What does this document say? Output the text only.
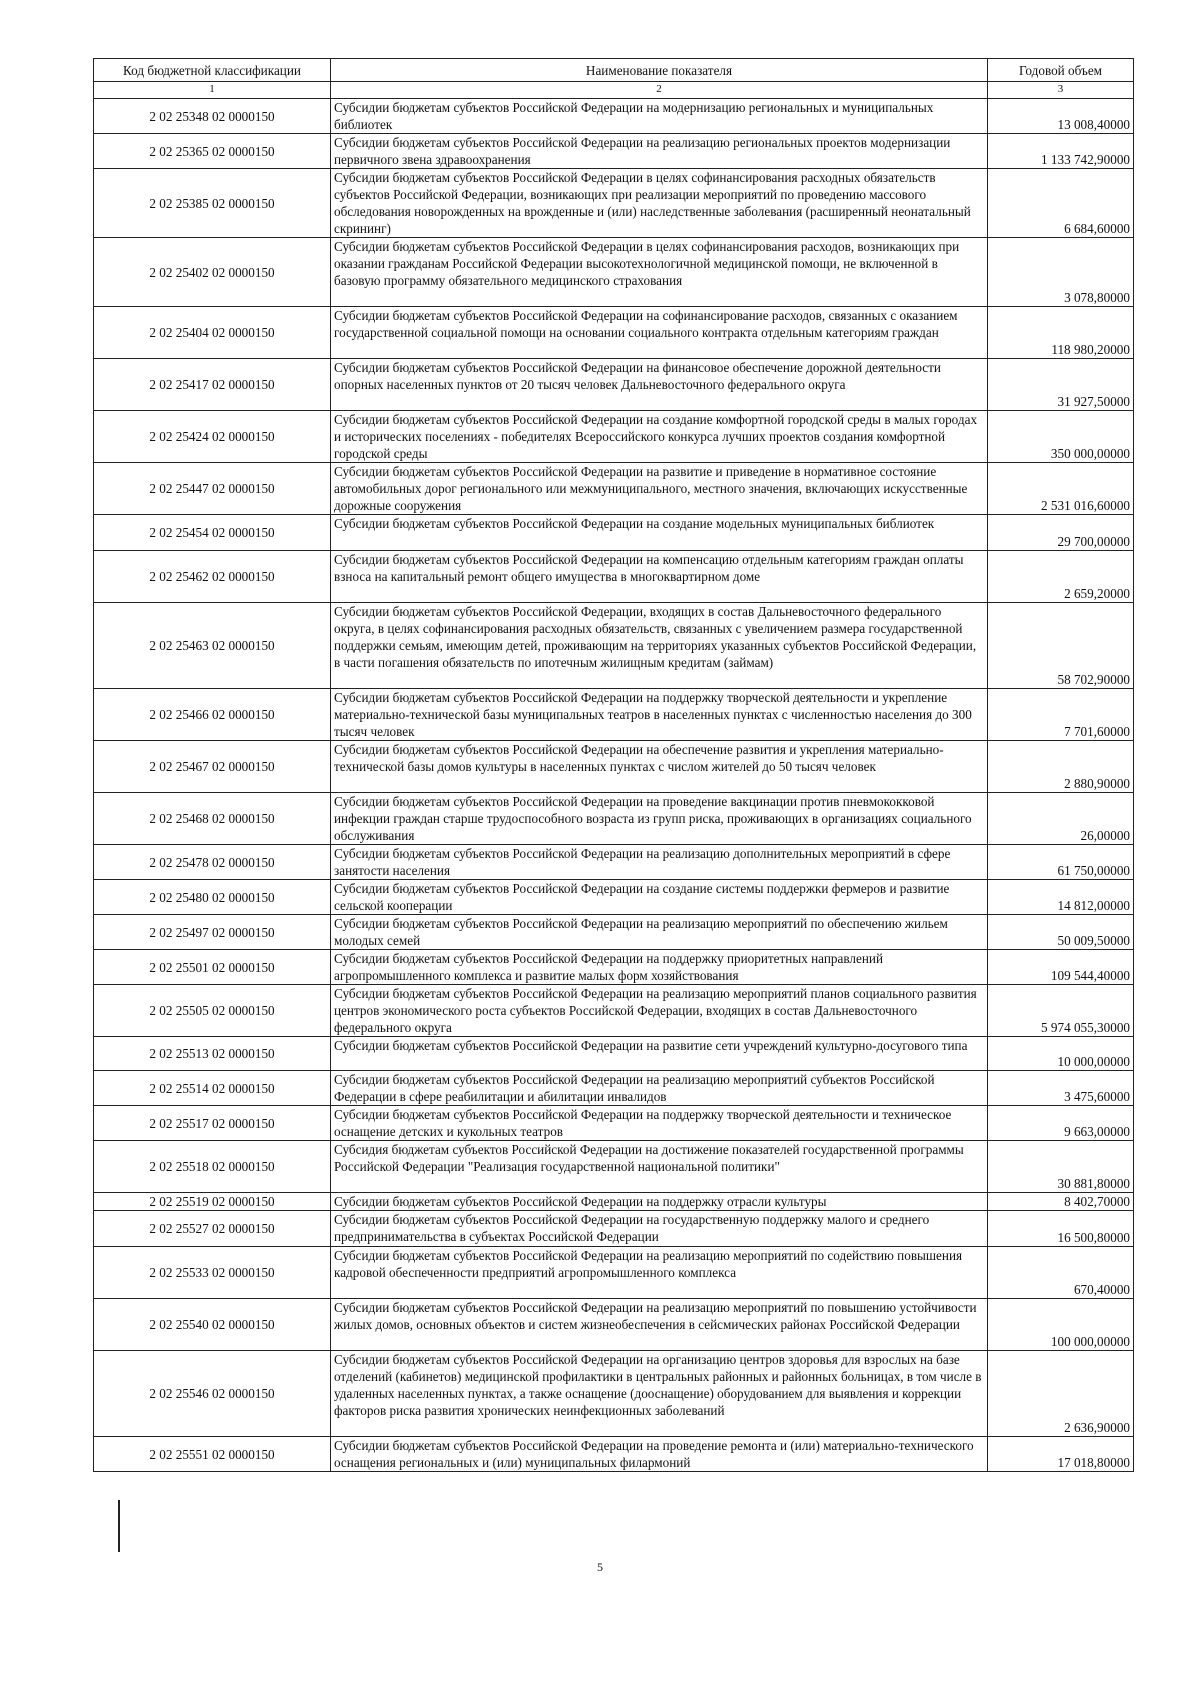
Код бюджетной классификации	Наименование показателя	Годовой объем
1	2	3
2 02 25348 02 0000150	Субсидии бюджетам субъектов Российской Федерации на модернизацию региональных и муниципальных библиотек	13 008,40000
2 02 25365 02 0000150	Субсидии бюджетам субъектов Российской Федерации на реализацию региональных проектов модернизации первичного звена здравоохранения	1 133 742,90000
2 02 25385 02 0000150	Субсидии бюджетам субъектов Российской Федерации в целях софинансирования расходных обязательств субъектов Российской Федерации, возникающих при реализации мероприятий по проведению массового обследования новорожденных на врожденные и (или) наследственные заболевания (расширенный неонатальный скрининг)	6 684,60000
2 02 25402 02 0000150	Субсидии бюджетам субъектов Российской Федерации в целях софинансирования расходов, возникающих при оказании гражданам Российской Федерации высокотехнологичной медицинской помощи, не включенной в базовую программу обязательного медицинского страхования	3 078,80000
2 02 25404 02 0000150	Субсидии бюджетам субъектов Российской Федерации на софинансирование расходов, связанных с оказанием государственной социальной помощи на основании социального контракта отдельным категориям граждан	118 980,20000
2 02 25417 02 0000150	Субсидии бюджетам субъектов Российской Федерации на финансовое обеспечение дорожной деятельности опорных населенных пунктов от 20 тысяч человек Дальневосточного федерального округа	31 927,50000
2 02 25424 02 0000150	Субсидии бюджетам субъектов Российской Федерации на создание комфортной городской среды в малых городах и исторических поселениях - победителях Всероссийского конкурса лучших проектов создания комфортной городской среды	350 000,00000
2 02 25447 02 0000150	Субсидии бюджетам субъектов Российской Федерации на развитие и приведение в нормативное состояние автомобильных дорог регионального или межмуниципального, местного значения, включающих искусственные дорожные сооружения	2 531 016,60000
2 02 25454 02 0000150	Субсидии бюджетам субъектов Российской Федерации на создание модельных муниципальных библиотек	29 700,00000
2 02 25462 02 0000150	Субсидии бюджетам субъектов Российской Федерации на компенсацию отдельным категориям граждан оплаты взноса на капитальный ремонт общего имущества в многоквартирном доме	2 659,20000
2 02 25463 02 0000150	Субсидии бюджетам субъектов Российской Федерации, входящих в состав Дальневосточного федерального округа, в целях софинансирования расходных обязательств, связанных с увеличением размера государственной поддержки семьям, имеющим детей, проживающим на территориях указанных субъектов Российской Федерации, в части погашения обязательств по ипотечным жилищным кредитам (займам)	58 702,90000
2 02 25466 02 0000150	Субсидии бюджетам субъектов Российской Федерации на поддержку творческой деятельности и укрепление материально-технической базы муниципальных театров в населенных пунктах с численностью населения до 300 тысяч человек	7 701,60000
2 02 25467 02 0000150	Субсидии бюджетам субъектов Российской Федерации на обеспечение развития и укрепления материально-технической базы домов культуры в населенных пунктах с числом жителей до 50 тысяч человек	2 880,90000
2 02 25468 02 0000150	Субсидии бюджетам субъектов Российской Федерации на проведение вакцинации против пневмококковой инфекции граждан старше трудоспособного возраста из групп риска, проживающих в организациях социального обслуживания	26,00000
2 02 25478 02 0000150	Субсидии бюджетам субъектов Российской Федерации на реализацию дополнительных мероприятий в сфере занятости населения	61 750,00000
2 02 25480 02 0000150	Субсидии бюджетам субъектов Российской Федерации на создание системы поддержки фермеров и развитие сельской кооперации	14 812,00000
2 02 25497 02 0000150	Субсидии бюджетам субъектов Российской Федерации на реализацию мероприятий по обеспечению жильем молодых семей	50 009,50000
2 02 25501 02 0000150	Субсидии бюджетам субъектов Российской Федерации на поддержку приоритетных направлений агропромышленного комплекса и развитие малых форм хозяйствования	109 544,40000
2 02 25505 02 0000150	Субсидии бюджетам субъектов Российской Федерации на реализацию мероприятий планов социального развития центров экономического роста субъектов Российской Федерации, входящих в состав Дальневосточного федерального округа	5 974 055,30000
2 02 25513 02 0000150	Субсидии бюджетам субъектов Российской Федерации на развитие сети учреждений культурно-досугового типа	10 000,00000
2 02 25514 02 0000150	Субсидии бюджетам субъектов Российской Федерации на реализацию мероприятий субъектов Российской Федерации в сфере реабилитации и абилитации инвалидов	3 475,60000
2 02 25517 02 0000150	Субсидии бюджетам субъектов Российской Федерации на поддержку творческой деятельности и техническое оснащение детских и кукольных театров	9 663,00000
2 02 25518 02 0000150	Субсидия бюджетам субъектов Российской Федерации на достижение показателей государственной программы Российской Федерации "Реализация государственной национальной политики"	30 881,80000
2 02 25519 02 0000150	Субсидии бюджетам субъектов Российской Федерации на поддержку отрасли культуры	8 402,70000
2 02 25527 02 0000150	Субсидии бюджетам субъектов Российской Федерации на государственную поддержку малого и среднего предпринимательства в субъектах Российской Федерации	16 500,80000
2 02 25533 02 0000150	Субсидии бюджетам субъектов Российской Федерации на реализацию мероприятий по содействию повышения кадровой обеспеченности предприятий агропромышленного комплекса	670,40000
2 02 25540 02 0000150	Субсидии бюджетам субъектов Российской Федерации на реализацию мероприятий по повышению устойчивости жилых домов, основных объектов и систем жизнеобеспечения в сейсмических районах Российской Федерации	100 000,00000
2 02 25546 02 0000150	Субсидии бюджетам субъектов Российской Федерации на организацию центров здоровья для взрослых на базе отделений (кабинетов) медицинской профилактики в центральных районных и районных больницах, в том числе в удаленных населенных пунктах, а также оснащение (дооснащение) оборудованием для выявления и коррекции факторов риска развития хронических неинфекционных заболеваний	2 636,90000
2 02 25551 02 0000150	Субсидии бюджетам субъектов Российской Федерации на проведение ремонта и (или) материально-технического оснащения региональных и (или) муниципальных филармоний	17 018,80000
5
